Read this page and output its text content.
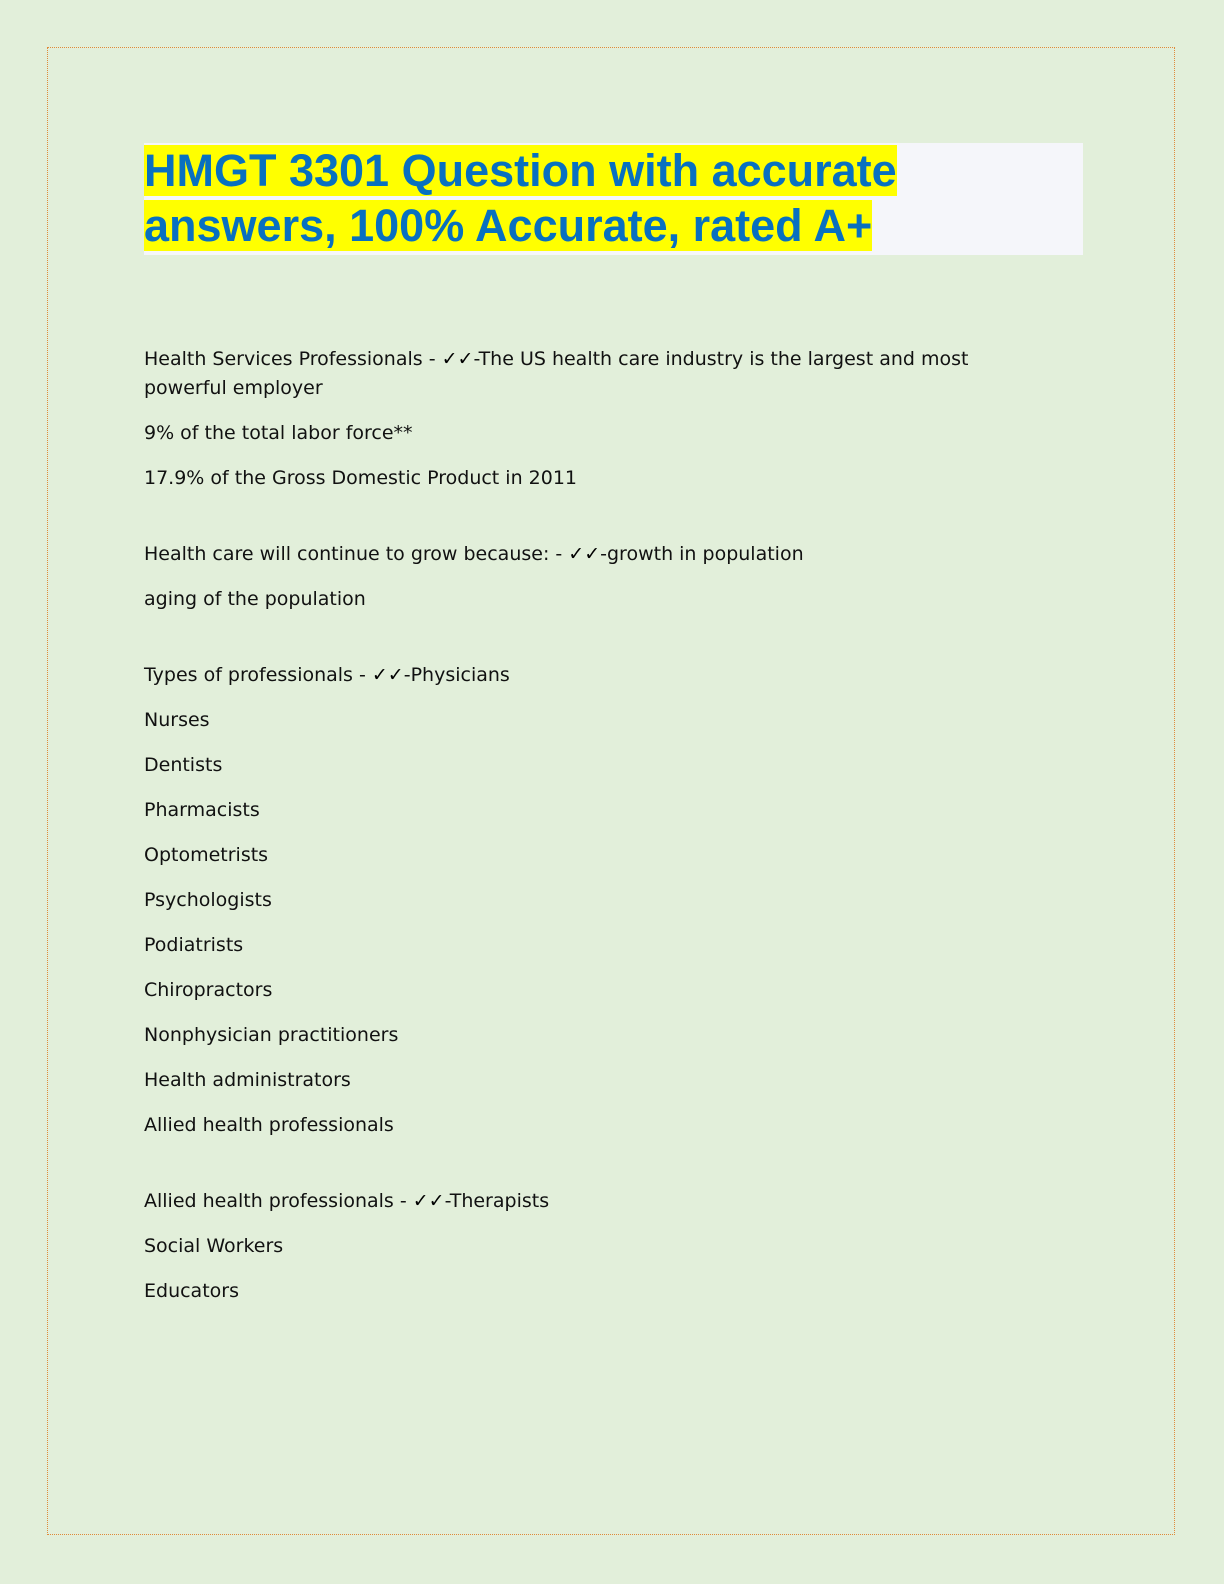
HMGT 3301 Question with accurate
answers, 100% Accurate, rated A+

Health Services Professionals - ✓✓-The US health care industry is the largest and most powerful employer

9% of the total labor force**

17.9% of the Gross Domestic Product in 2011

Health care will continue to grow because: - ✓✓-growth in population

aging of the population

Types of professionals - ✓✓-Physicians

Nurses

Dentists

Pharmacists

Optometrists

Psychologists

Podiatrists

Chiropractors

Nonphysician practitioners

Health administrators

Allied health professionals

Allied health professionals - ✓✓-Therapists

Social Workers

Educators
